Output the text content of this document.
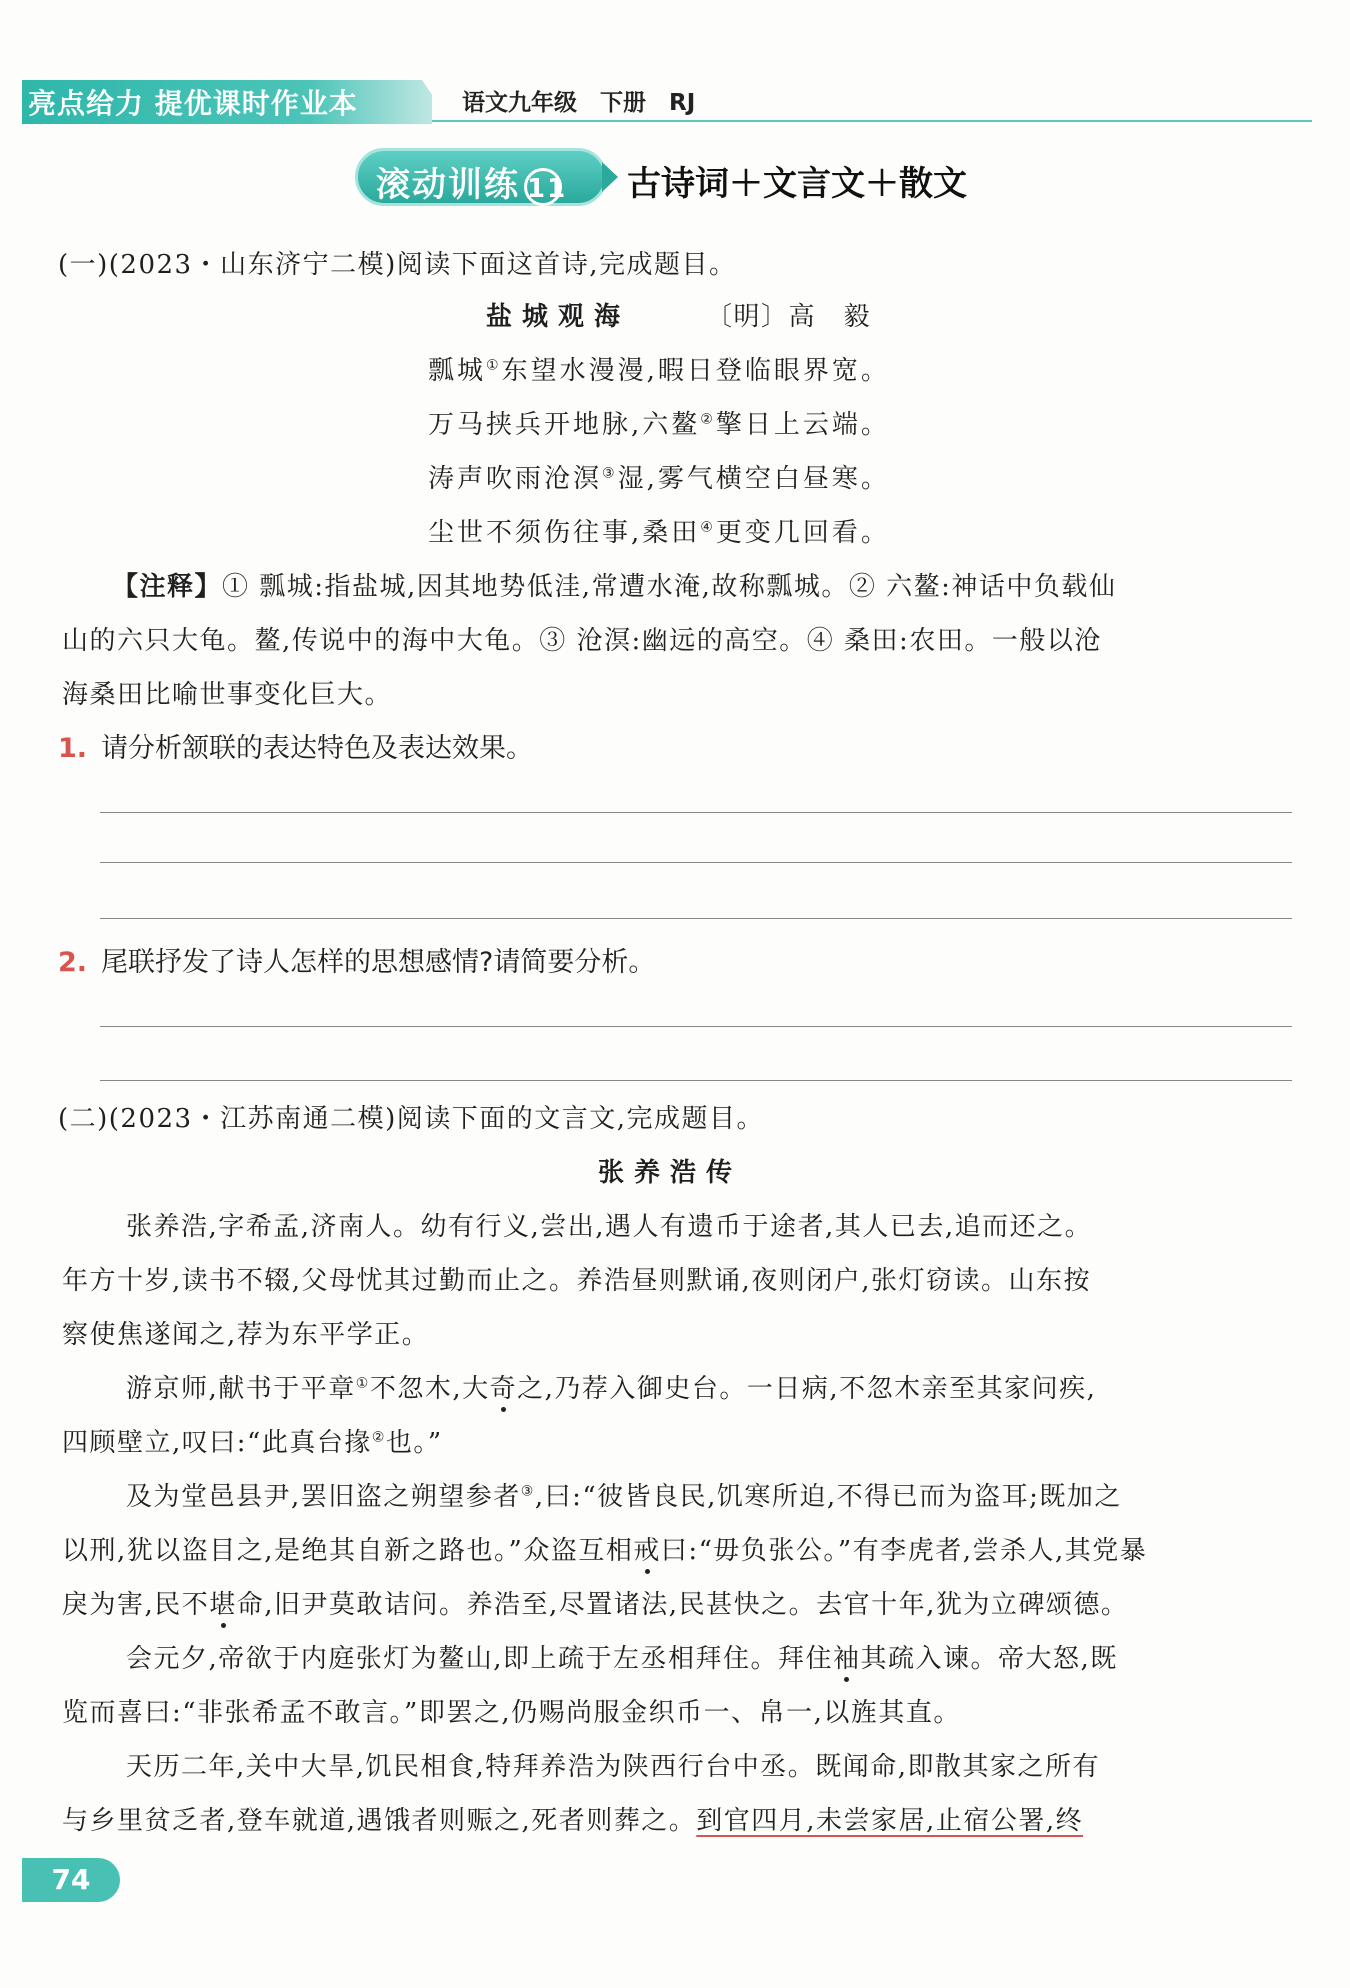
亮点给力 提优课时作业本	语文九年级　下册　RJ
滚动训练 11 古诗词＋文言文＋散文
(一)(2023・山东济宁二模)阅读下面这首诗,完成题目。
盐城观海	〔明〕高　毅
瓢城①东望水漫漫,暇日登临眼界宽。
万马挟兵开地脉,六鳌②擎日上云端。
涛声吹雨沧溟③湿,雾气横空白昼寒。
尘世不须伤往事,桑田④更变几回看。
【注释】① 瓢城:指盐城,因其地势低洼,常遭水淹,故称瓢城。② 六鳌:神话中负载仙
山的六只大龟。鳌,传说中的海中大龟。③ 沧溟:幽远的高空。④ 桑田:农田。一般以沧
海桑田比喻世事变化巨大。
1. 请分析颔联的表达特色及表达效果。
2. 尾联抒发了诗人怎样的思想感情?请简要分析。
(二)(2023・江苏南通二模)阅读下面的文言文,完成题目。
张养浩传
张养浩,字希孟,济南人。幼有行义,尝出,遇人有遗币于途者,其人已去,追而还之。
年方十岁,读书不辍,父母忧其过勤而止之。养浩昼则默诵,夜则闭户,张灯窃读。山东按
察使焦遂闻之,荐为东平学正。
游京师,献书于平章①不忽木,大奇之,乃荐入御史台。一日病,不忽木亲至其家问疾,
四顾壁立,叹曰:“此真台掾②也。”
及为堂邑县尹,罢旧盗之朔望参者③,曰:“彼皆良民,饥寒所迫,不得已而为盗耳;既加之
以刑,犹以盗目之,是绝其自新之路也。”众盗互相戒曰:“毋负张公。”有李虎者,尝杀人,其党暴
戾为害,民不堪命,旧尹莫敢诘问。养浩至,尽置诸法,民甚快之。去官十年,犹为立碑颂德。
会元夕,帝欲于内庭张灯为鳌山,即上疏于左丞相拜住。拜住袖其疏入谏。帝大怒,既
览而喜曰:“非张希孟不敢言。”即罢之,仍赐尚服金织币一、帛一,以旌其直。
天历二年,关中大旱,饥民相食,特拜养浩为陕西行台中丞。既闻命,即散其家之所有
与乡里贫乏者,登车就道,遇饿者则赈之,死者则葬之。到官四月,未尝家居,止宿公署,终
74
